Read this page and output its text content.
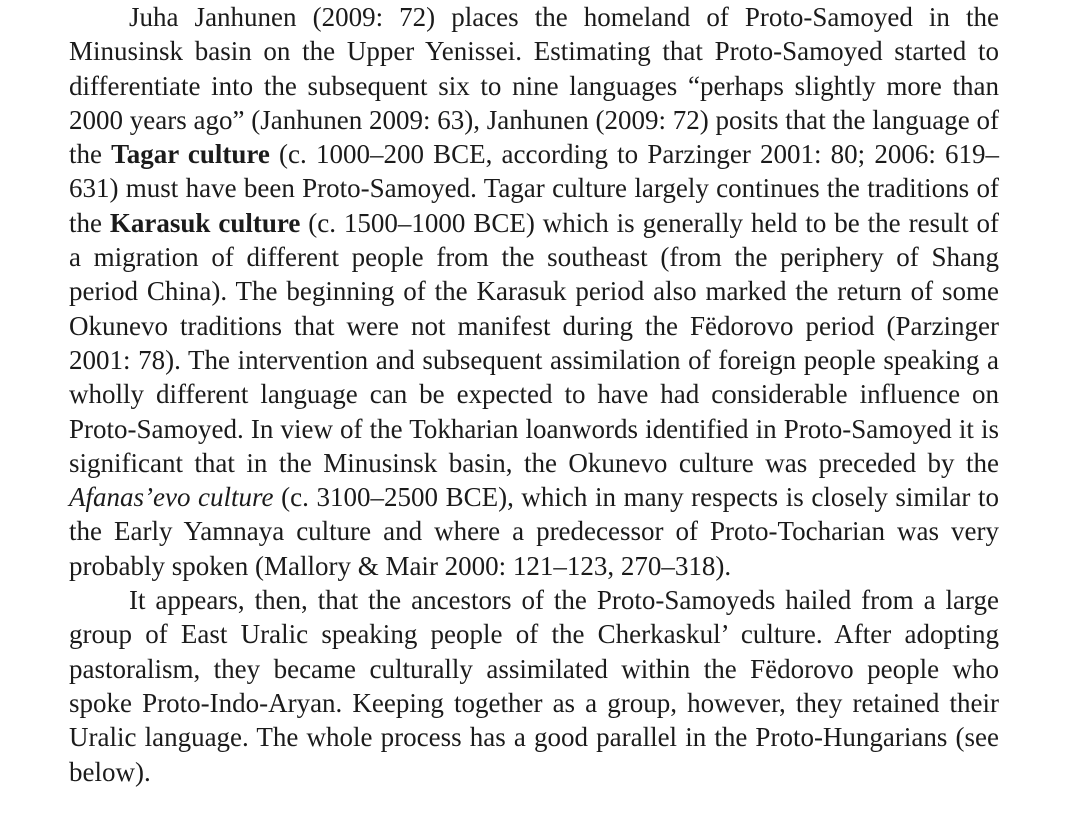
Juha Janhunen (2009: 72) places the homeland of Proto-Samoyed in the Minusinsk basin on the Upper Yenissei. Estimating that Proto-Samoyed started to differentiate into the subsequent six to nine languages “perhaps slightly more than 2000 years ago” (Janhunen 2009: 63), Janhunen (2009: 72) posits that the language of the Tagar culture (c. 1000–200 BCE, according to Parzinger 2001: 80; 2006: 619–631) must have been Proto-Samoyed. Tagar culture largely continues the traditions of the Karasuk culture (c. 1500–1000 BCE) which is generally held to be the result of a migration of different people from the southeast (from the periphery of Shang period China). The beginning of the Karasuk period also marked the return of some Okunevo traditions that were not manifest during the Fëdorovo period (Parzinger 2001: 78). The intervention and subsequent assimilation of foreign people speaking a wholly different language can be expected to have had considerable influence on Proto-Samoyed. In view of the Tokharian loanwords identified in Proto-Samoyed it is significant that in the Minusinsk basin, the Okunevo culture was preceded by the Afanas’evo culture (c. 3100–2500 BCE), which in many respects is closely similar to the Early Yamnaya culture and where a predecessor of Proto-Tocharian was very probably spoken (Mallory & Mair 2000: 121–123, 270–318).

It appears, then, that the ancestors of the Proto-Samoyeds hailed from a large group of East Uralic speaking people of the Cherkaskul’ culture. After adopting pastoralism, they became culturally assimilated within the Fëdorovo people who spoke Proto-Indo-Aryan. Keeping together as a group, however, they retained their Uralic language. The whole process has a good parallel in the Proto-Hungarians (see below).
